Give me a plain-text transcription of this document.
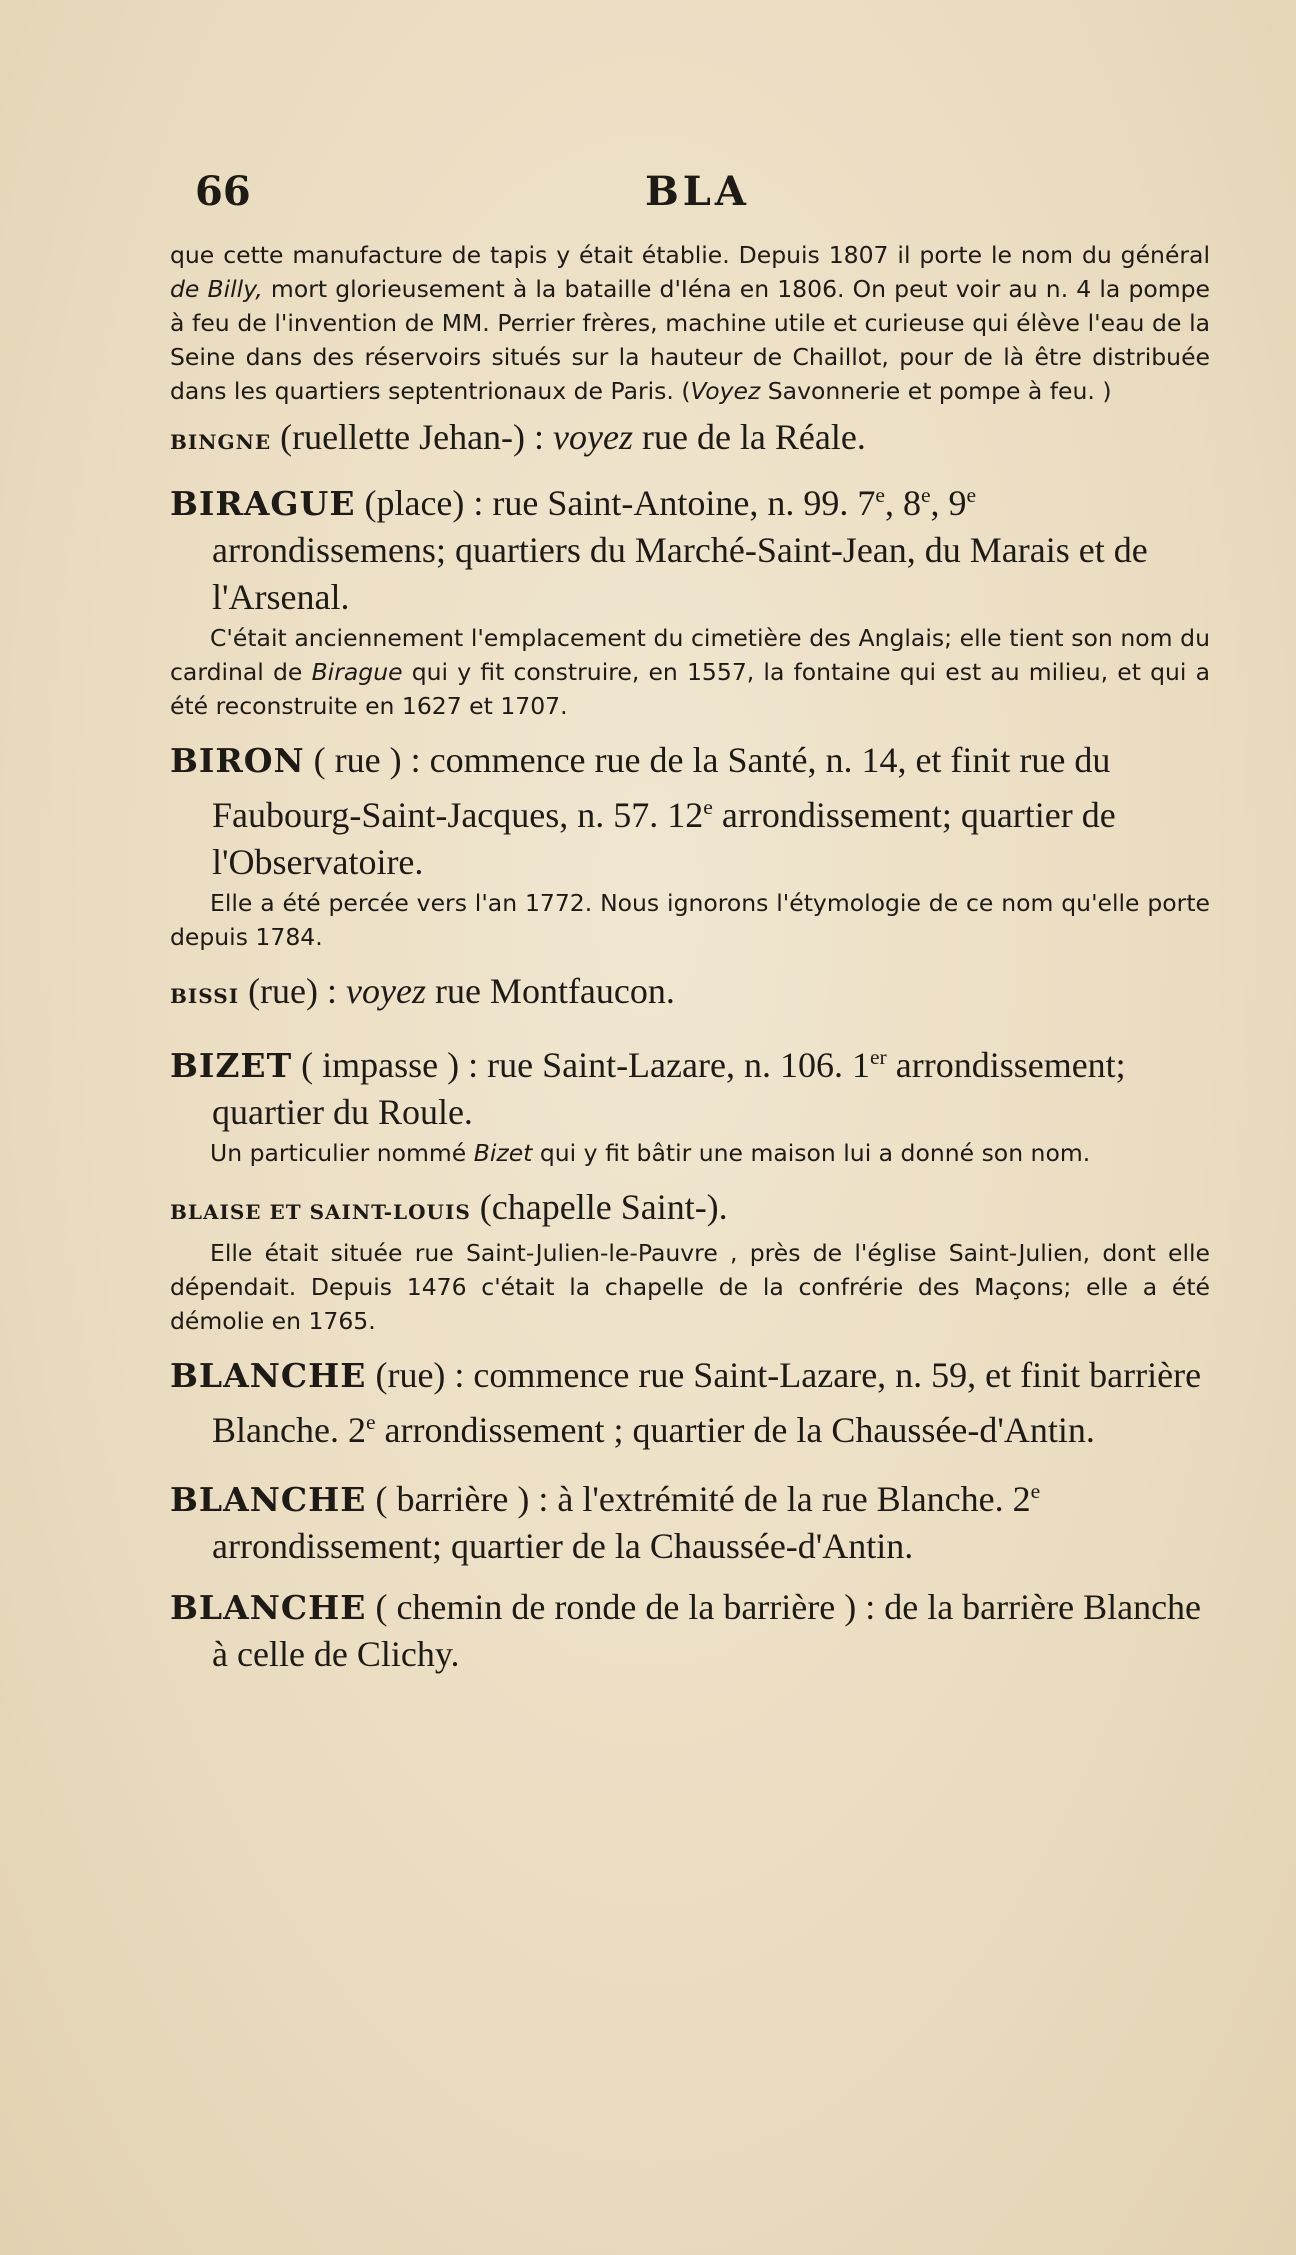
66	BLA

que cette manufacture de tapis y était établie. Depuis 1807 il porte le nom du général de Billy, mort glorieusement à la bataille d'Iéna en 1806. On peut voir au n. 4 la pompe à feu de l'invention de MM. Perrier frères, machine utile et curieuse qui élève l'eau de la Seine dans des réservoirs situés sur la hauteur de Chaillot, pour de là être distribuée dans les quartiers septentrionaux de Paris. (Voyez Savonnerie et pompe à feu. )

BINGNE (ruellette Jehan-) : voyez rue de la Réale.

BIRAGUE (place) : rue Saint-Antoine, n. 99. 7e, 8e, 9e arrondissemens; quartiers du Marché-Saint-Jean, du Marais et de l'Arsenal.

C'était anciennement l'emplacement du cimetière des Anglais; elle tient son nom du cardinal de Birague qui y fit construire, en 1557, la fontaine qui est au milieu, et qui a été reconstruite en 1627 et 1707.

BIRON ( rue ) : commence rue de la Santé, n. 14, et finit rue du Faubourg-Saint-Jacques, n. 57. 12e arrondissement; quartier de l'Observatoire.

Elle a été percée vers l'an 1772. Nous ignorons l'étymologie de ce nom qu'elle porte depuis 1784.

BISSI (rue) : voyez rue Montfaucon.

BIZET ( impasse ) : rue Saint-Lazare, n. 106. 1er arrondissement; quartier du Roule.

Un particulier nommé Bizet qui y fit bâtir une maison lui a donné son nom.

BLAISE ET SAINT-LOUIS (chapelle Saint-).

Elle était située rue Saint-Julien-le-Pauvre , près de l'église Saint-Julien, dont elle dépendait. Depuis 1476 c'était la chapelle de la confrérie des Maçons; elle a été démolie en 1765.

BLANCHE (rue) : commence rue Saint-Lazare, n. 59, et finit barrière Blanche. 2e arrondissement ; quartier de la Chaussée-d'Antin.

BLANCHE ( barrière ) : à l'extrémité de la rue Blanche. 2e arrondissement; quartier de la Chaussée-d'Antin.

BLANCHE ( chemin de ronde de la barrière ) : de la barrière Blanche à celle de Clichy.
